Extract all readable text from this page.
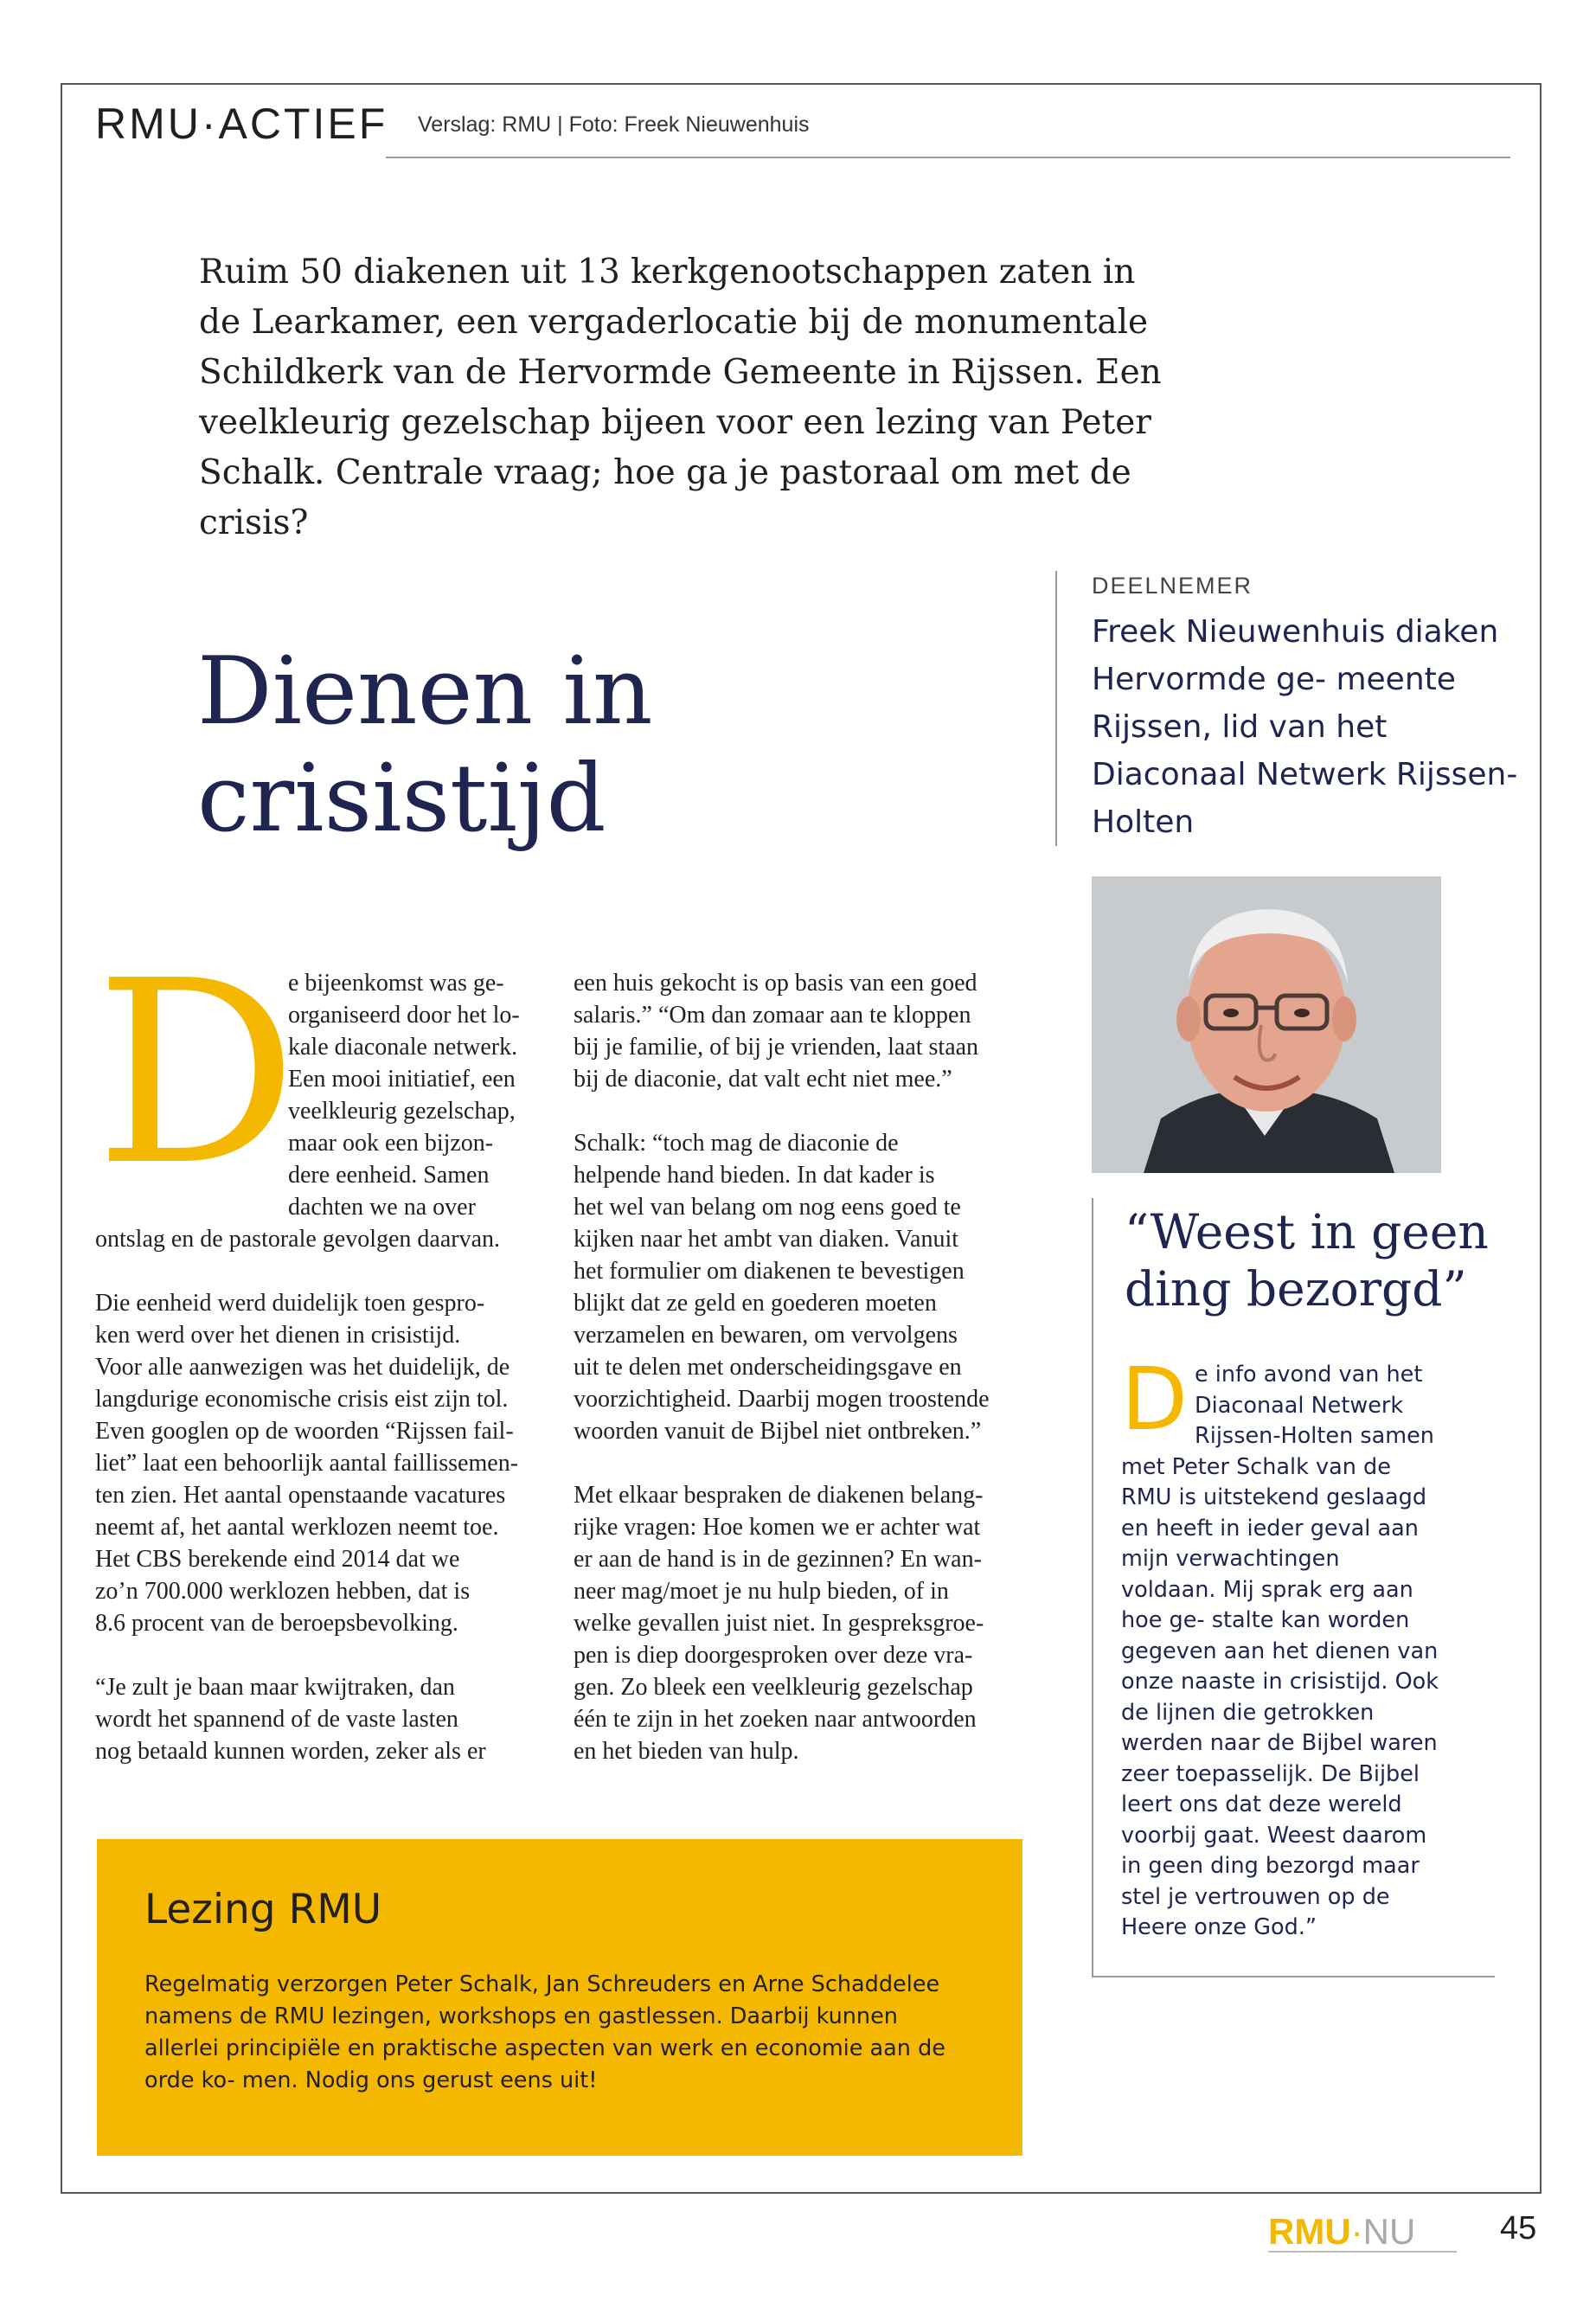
RMU·ACTIEF Verslag: RMU | Foto: Freek Nieuwenhuis

Ruim 50 diakenen uit 13 kerkgenootschappen zaten in de Learkamer, een vergaderlocatie bij de monumentale Schildkerk van de Hervormde Gemeente in Rijssen. Een veelkleurig gezelschap bijeen voor een lezing van Peter Schalk. Centrale vraag; hoe ga je pastoraal om met de crisis?

Dienen in
crisistijd
DEELNEMER

Freek Nieuwenhuis diaken Hervormde ge- meente Rijssen, lid van het Diaconaal Netwerk Rijssen-Holten

“Weest in geen ding bezorgd”

D e info avond van het Diaconaal Netwerk Rijssen-Holten samen met Peter Schalk van de RMU is uitstekend geslaagd en heeft in ieder geval aan mijn verwachtingen voldaan. Mij sprak erg aan hoe ge- stalte kan worden gegeven aan het dienen van onze naaste in crisistijd. Ook de lijnen die getrokken werden naar de Bijbel waren zeer toepasselijk. De Bijbel leert ons dat deze wereld voorbij gaat. Weest daarom in geen ding bezorgd maar stel je vertrouwen op de Heere onze God.”

D

e bijeenkomst was ge-
organiseerd door het lo-
kale diaconale netwerk.
Een mooi initiatief, een
veelkleurig gezelschap,
maar ook een bijzon-
dere eenheid. Samen
dachten we na over
ontslag en de pastorale gevolgen daarvan.

Die eenheid werd duidelijk toen gespro-
ken werd over het dienen in crisistijd.
Voor alle aanwezigen was het duidelijk, de
langdurige economische crisis eist zijn tol.
Even googlen op de woorden “Rijssen fail-
liet” laat een behoorlijk aantal faillissemen-
ten zien. Het aantal openstaande vacatures
neemt af, het aantal werklozen neemt toe.
Het CBS berekende eind 2014 dat we
zo’n 700.000 werklozen hebben, dat is
8.6 procent van de beroepsbevolking.

“Je zult je baan maar kwijtraken, dan
wordt het spannend of de vaste lasten
nog betaald kunnen worden, zeker als er

een huis gekocht is op basis van een goed
salaris.” “Om dan zomaar aan te kloppen
bij je familie, of bij je vrienden, laat staan
bij de diaconie, dat valt echt niet mee.”

Schalk: “toch mag de diaconie de
helpende hand bieden. In dat kader is
het wel van belang om nog eens goed te
kijken naar het ambt van diaken. Vanuit
het formulier om diakenen te bevestigen
blijkt dat ze geld en goederen moeten
verzamelen en bewaren, om vervolgens
uit te delen met onderscheidingsgave en
voorzichtigheid. Daarbij mogen troostende
woorden vanuit de Bijbel niet ontbreken.”

Met elkaar bespraken de diakenen belang-
rijke vragen: Hoe komen we er achter wat
er aan de hand is in de gezinnen? En wan-
neer mag/moet je nu hulp bieden, of in
welke gevallen juist niet. In gespreksgroe-
pen is diep doorgesproken over deze vra-
gen. Zo bleek een veelkleurig gezelschap
één te zijn in het zoeken naar antwoorden
en het bieden van hulp.

Lezing RMU

Regelmatig verzorgen Peter Schalk, Jan Schreuders en Arne Schaddelee namens de RMU lezingen, workshops en gastlessen. Daarbij kunnen allerlei principiële en praktische aspecten van werk en economie aan de orde ko- men. Nodig ons gerust eens uit!

RMU·NU	45
